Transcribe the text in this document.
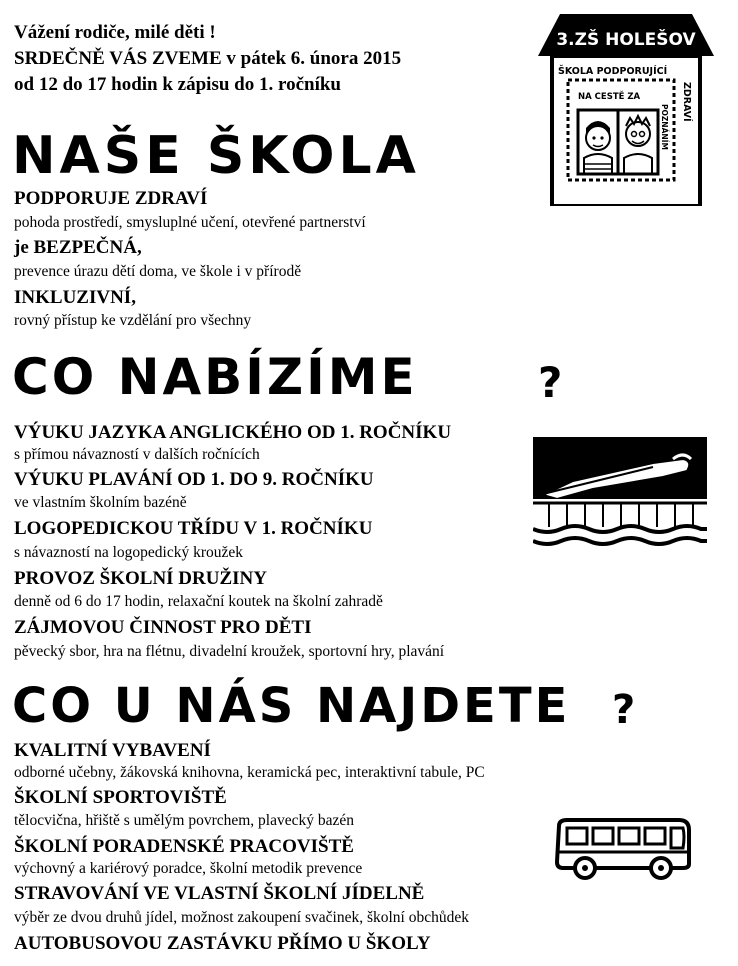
Vážení rodiče, milé děti !
SRDEČNĚ VÁS ZVEME v pátek 6. února 2015
od 12 do 17 hodin k zápisu do 1. ročníku
3.ZŠ HOLEŠOV
ŠKOLA PODPORUJÍCÍ
NA CESTĚ ZA	ZDRAVÍ
POZNÁNÍM
NAŠE ŠKOLA
PODPORUJE ZDRAVÍ
pohoda prostředí, smysluplné učení, otevřené partnerství
je BEZPEČNÁ,
prevence úrazu dětí doma, ve škole i v přírodě
INKLUZIVNÍ,
rovný přístup ke vzdělání pro všechny
CO NABÍZÍME	?
VÝUKU JAZYKA ANGLICKÉHO OD 1. ROČNÍKU
s přímou návazností v dalších ročnících
VÝUKU PLAVÁNÍ OD 1. DO 9. ROČNÍKU
ve vlastním školním bazéně
LOGOPEDICKOU TŘÍDU V 1. ROČNÍKU
s návazností na logopedický kroužek
PROVOZ ŠKOLNÍ DRUŽINY
denně od 6 do 17 hodin, relaxační koutek na školní zahradě
ZÁJMOVOU ČINNOST PRO DĚTI
pěvecký sbor, hra na flétnu, divadelní kroužek, sportovní hry, plavání
CO U NÁS NAJDETE ?
KVALITNÍ VYBAVENÍ
odborné učebny, žákovská knihovna, keramická pec, interaktivní tabule, PC
ŠKOLNÍ SPORTOVIŠTĚ
tělocvična, hřiště s umělým povrchem, plavecký bazén
ŠKOLNÍ PORADENSKÉ PRACOVIŠTĚ
výchovný a kariérový poradce, školní metodik prevence
STRAVOVÁNÍ VE VLASTNÍ ŠKOLNÍ JÍDELNĚ
výběr ze dvou druhů jídel, možnost zakoupení svačinek, školní obchůdek
AUTOBUSOVOU ZASTÁVKU PŘÍMO U ŠKOLY
